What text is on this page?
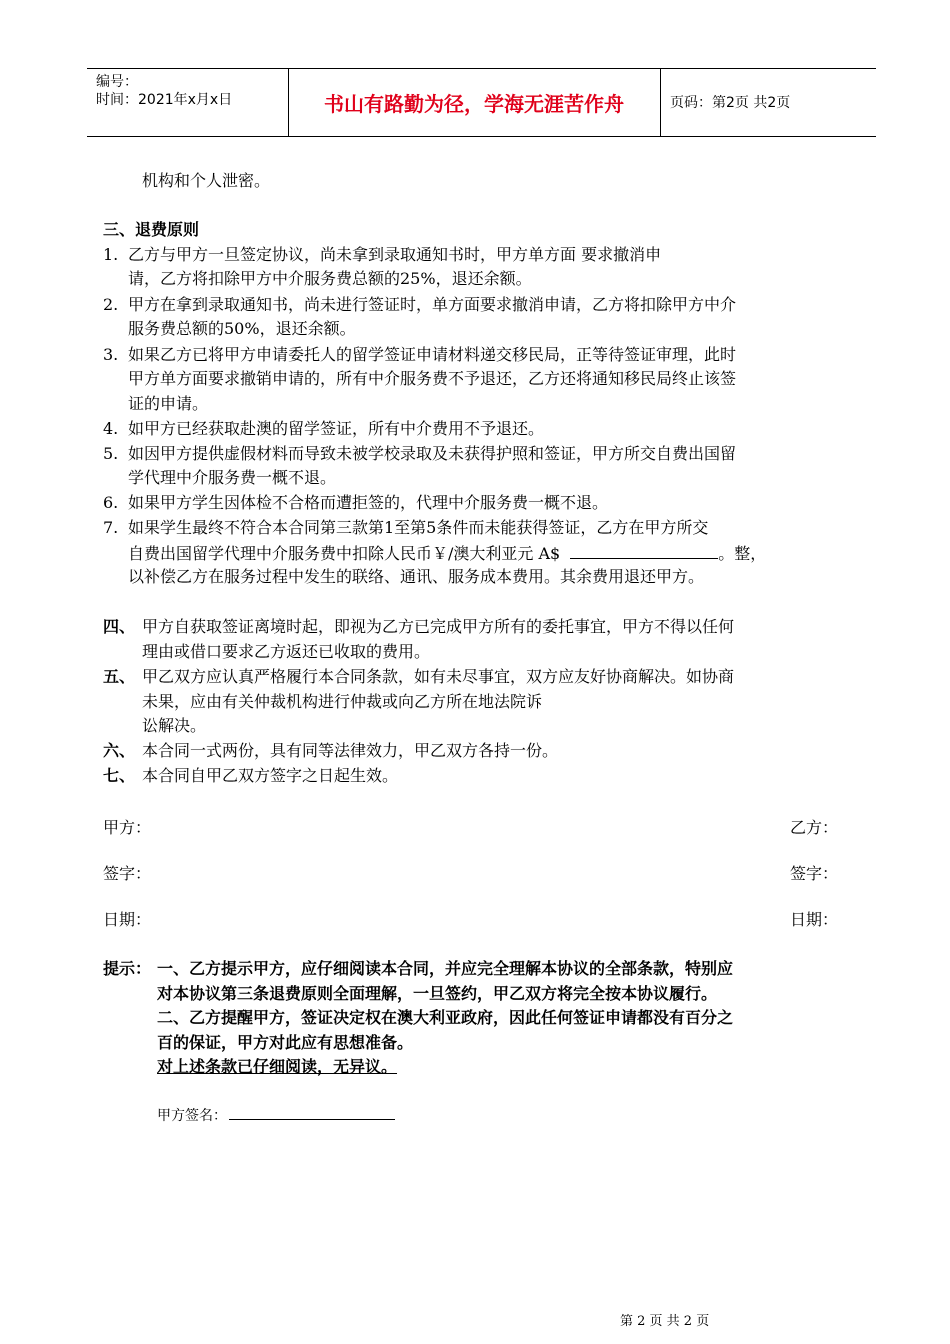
编号：
时间：2021年x月x日	书山有路勤为径，学海无涯苦作舟	页码：第2页 共2页
机构和个人泄密。
三、退费原则
1. 乙方与甲方一旦签定协议，尚未拿到录取通知书时，甲方单方面 要求撤消申
请，乙方将扣除甲方中介服务费总额的25%，退还余额。
2. 甲方在拿到录取通知书，尚未进行签证时，单方面要求撤消申请，乙方将扣除甲方中介
服务费总额的50%，退还余额。
3. 如果乙方已将甲方申请委托人的留学签证申请材料递交移民局，正等待签证审理，此时
甲方单方面要求撤销申请的，所有中介服务费不予退还，乙方还将通知移民局终止该签
证的申请。
4. 如甲方已经获取赴澳的留学签证，所有中介费用不予退还。
5. 如因甲方提供虚假材料而导致未被学校录取及未获得护照和签证，甲方所交自费出国留
学代理中介服务费一概不退。
6. 如果甲方学生因体检不合格而遭拒签的，代理中介服务费一概不退。
7. 如果学生最终不符合本合同第三款第1至第5条件而未能获得签证，乙方在甲方所交
自费出国留学代理中介服务费中扣除人民币￥/澳大利亚元 A$	。整，
以补偿乙方在服务过程中发生的联络、通讯、服务成本费用。其余费用退还甲方。
四、 甲方自获取签证离境时起，即视为乙方已完成甲方所有的委托事宜，甲方不得以任何
理由或借口要求乙方返还已收取的费用。
五、 甲乙双方应认真严格履行本合同条款，如有未尽事宜，双方应友好协商解决。如协商
未果，应由有关仲裁机构进行仲裁或向乙方所在地法院诉
讼解决。
六、 本合同一式两份，具有同等法律效力，甲乙双方各持一份。
七、 本合同自甲乙双方签字之日起生效。
甲方：	乙方：
签字：	签字：
日期：	日期：
提示： 一、乙方提示甲方，应仔细阅读本合同，并应完全理解本协议的全部条款，特别应
对本协议第三条退费原则全面理解，一旦签约，甲乙双方将完全按本协议履行。
二、乙方提醒甲方，签证决定权在澳大利亚政府，因此任何签证申请都没有百分之
百的保证，甲方对此应有思想准备。
对上述条款已仔细阅读，无异议。
甲方签名：
第 2 页 共 2 页
